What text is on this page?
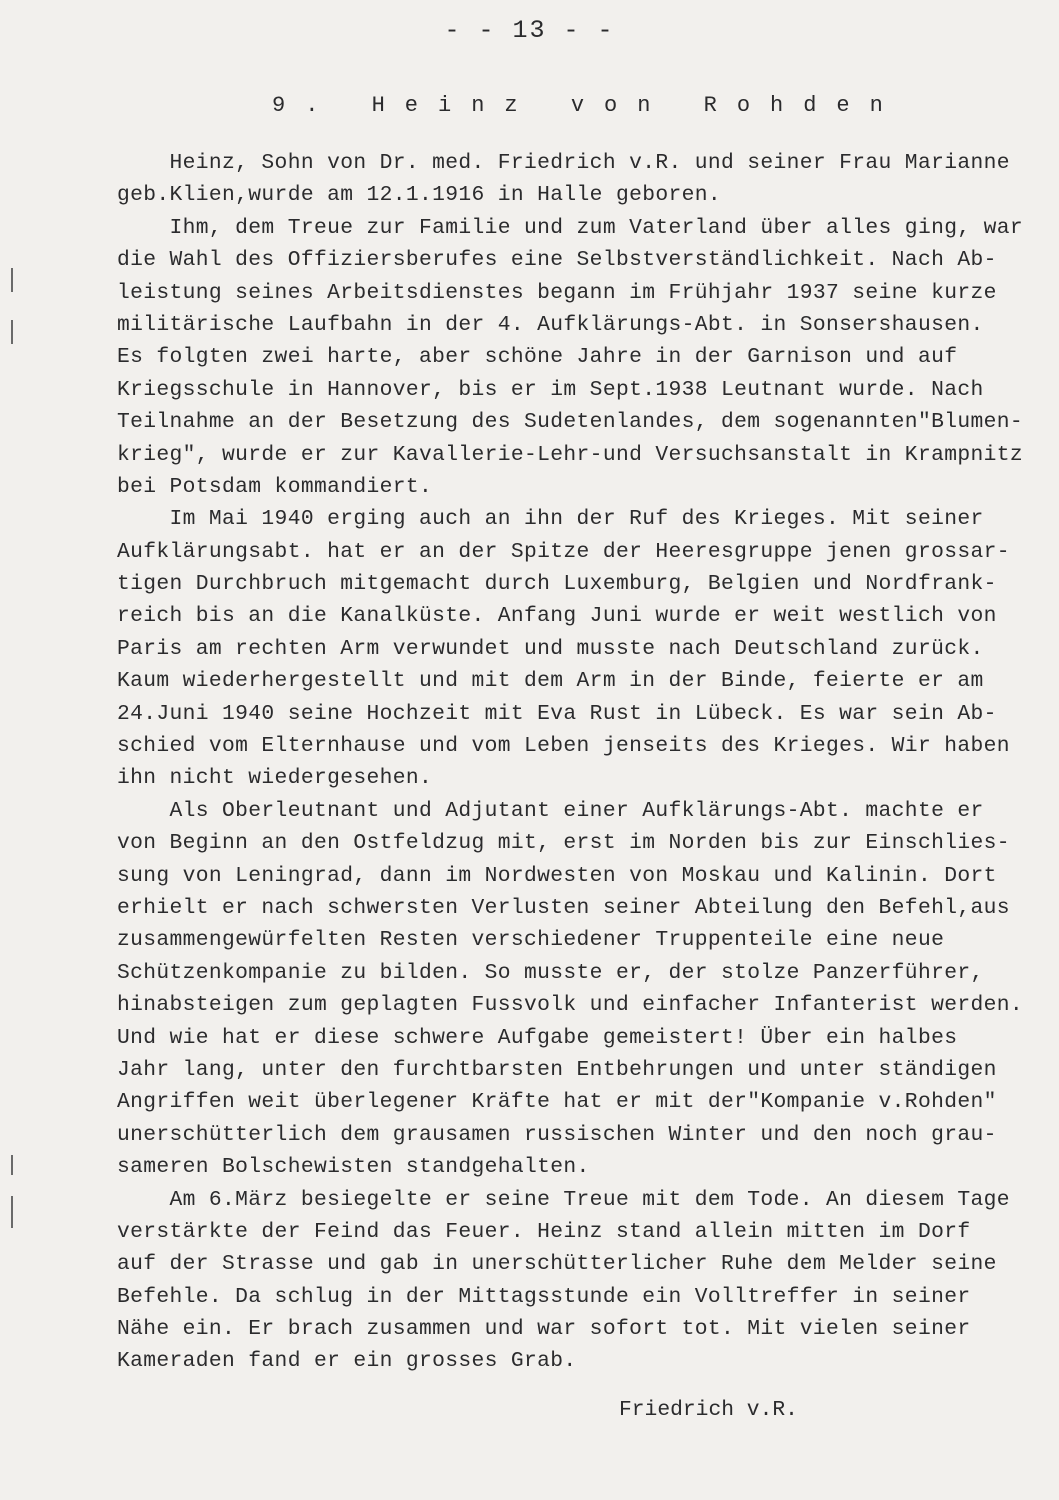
- - 13 - -
9. Heinz von Rohden
Heinz, Sohn von Dr. med. Friedrich v.R. und seiner Frau Marianne
geb.Klien,wurde am 12.1.1916 in Halle geboren.
Ihm, dem Treue zur Familie und zum Vaterland über alles ging, war
die Wahl des Offiziersberufes eine Selbstverständlichkeit. Nach Ab-
leistung seines Arbeitsdienstes begann im Frühjahr 1937 seine kurze
militärische Laufbahn in der 4. Aufklärungs-Abt. in Sonsershausen.
Es folgten zwei harte, aber schöne Jahre in der Garnison und auf
Kriegsschule in Hannover, bis er im Sept.1938 Leutnant wurde. Nach
Teilnahme an der Besetzung des Sudetenlandes, dem sogenannten"Blumen-
krieg", wurde er zur Kavallerie-Lehr-und Versuchsanstalt in Krampnitz
bei Potsdam kommandiert.
Im Mai 1940 erging auch an ihn der Ruf des Krieges. Mit seiner
Aufklärungsabt. hat er an der Spitze der Heeresgruppe jenen grossar-
tigen Durchbruch mitgemacht durch Luxemburg, Belgien und Nordfrank-
reich bis an die Kanalküste. Anfang Juni wurde er weit westlich von
Paris am rechten Arm verwundet und musste nach Deutschland zurück.
Kaum wiederhergestellt und mit dem Arm in der Binde, feierte er am
24.Juni 1940 seine Hochzeit mit Eva Rust in Lübeck. Es war sein Ab-
schied vom Elternhause und vom Leben jenseits des Krieges. Wir haben
ihn nicht wiedergesehen.
Als Oberleutnant und Adjutant einer Aufklärungs-Abt. machte er
von Beginn an den Ostfeldzug mit, erst im Norden bis zur Einschlies-
sung von Leningrad, dann im Nordwesten von Moskau und Kalinin. Dort
erhielt er nach schwersten Verlusten seiner Abteilung den Befehl,aus
zusammengewürfelten Resten verschiedener Truppenteile eine neue
Schützenkompanie zu bilden. So musste er, der stolze Panzerführer,
hinabsteigen zum geplagten Fussvolk und einfacher Infanterist werden.
Und wie hat er diese schwere Aufgabe gemeistert! Über ein halbes
Jahr lang, unter den furchtbarsten Entbehrungen und unter ständigen
Angriffen weit überlegener Kräfte hat er mit der"Kompanie v.Rohden"
unerschütterlich dem grausamen russischen Winter und den noch grau-
sameren Bolschewisten standgehalten.
Am 6.März besiegelte er seine Treue mit dem Tode. An diesem Tage
verstärkte der Feind das Feuer. Heinz stand allein mitten im Dorf
auf der Strasse und gab in unerschütterlicher Ruhe dem Melder seine
Befehle. Da schlug in der Mittagsstunde ein Volltreffer in seiner
Nähe ein. Er brach zusammen und war sofort tot. Mit vielen seiner
Kameraden fand er ein grosses Grab.
Friedrich v.R.
